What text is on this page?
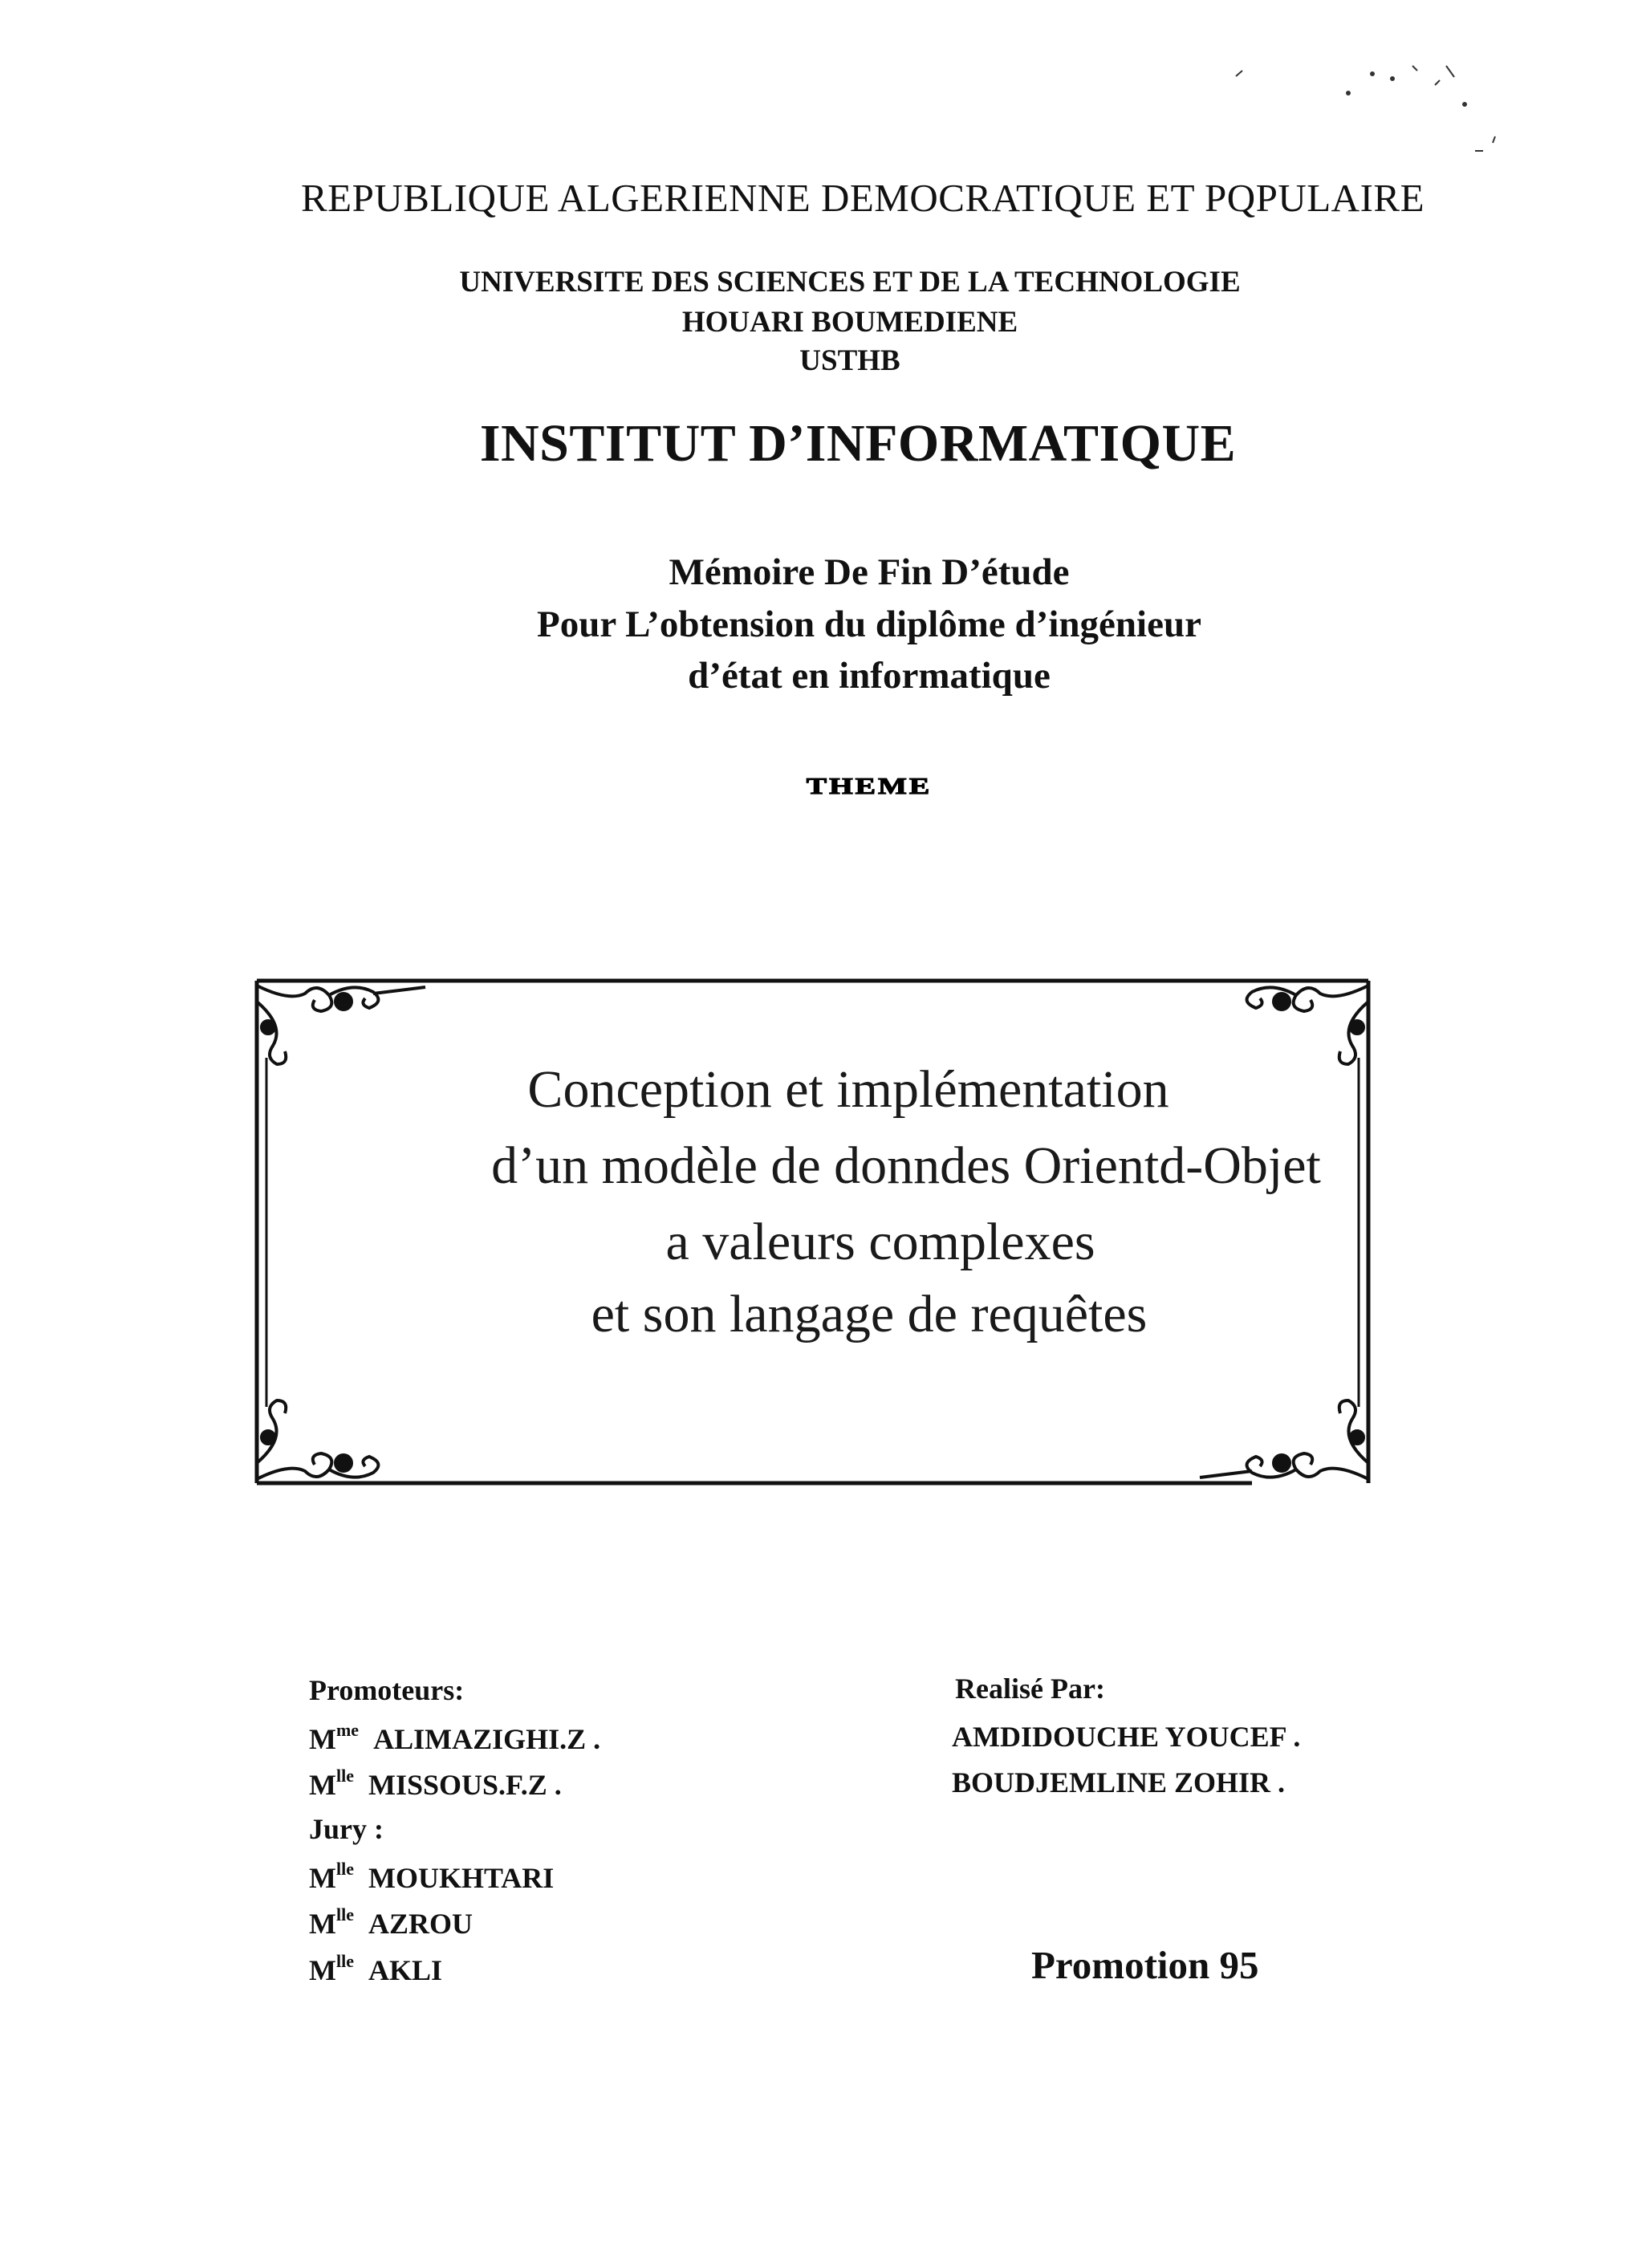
REPUBLIQUE ALGERIENNE DEMOCRATIQUE ET PQPULAIRE
UNIVERSITE DES SCIENCES ET DE LA TECHNOLOGIE
HOUARI BOUMEDIENE
USTHB
INSTITUT D’INFORMATIQUE
Mémoire De Fin D’étude
Pour L’obtension du diplôme d’ingénieur
d’état en informatique
THEME
Conception et implémentation
d’un modèle de donndes Orientd-Objet
a valeurs complexes
et son langage de requêtes
Promoteurs:
$M^{me}$ ALIMAZIGHI.Z .
$M^{lle}$ MISSOUS.F.Z .
Jury :
$M^{lle}$ MOUKHTARI
$M^{lle}$ AZROU
$M^{lle}$ AKLI
Realisé Par:
AMDIDOUCHE YOUCEF .
BOUDJEMLINE ZOHIR .
Promotion 95
